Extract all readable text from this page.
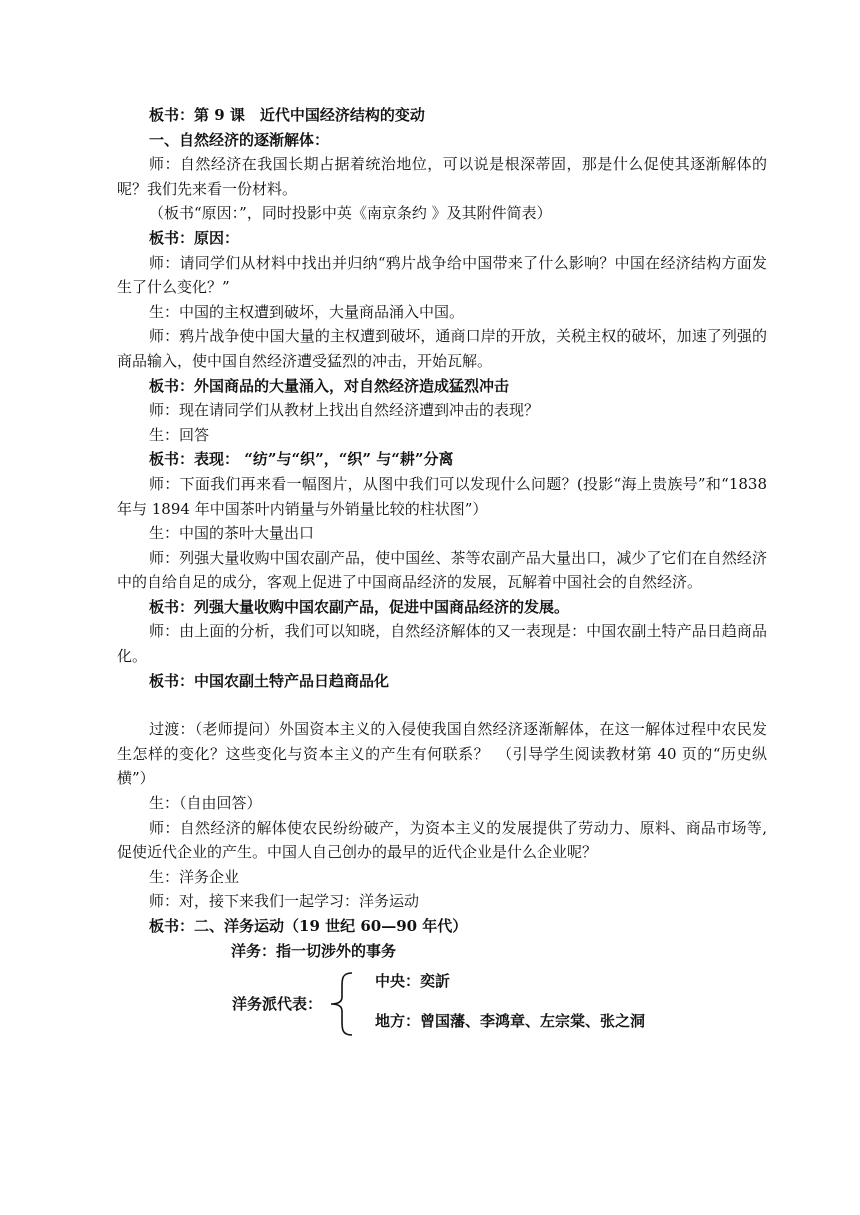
板书：第 9 课　近代中国经济结构的变动

一、自然经济的逐渐解体：

师：自然经济在我国长期占据着统治地位，可以说是根深蒂固，那是什么促使其逐渐解体的呢？我们先来看一份材料。

（板书“原因：”，同时投影中英《南京条约 》及其附件简表）

板书：原因：

师：请同学们从材料中找出并归纳“鸦片战争给中国带来了什么影响？中国在经济结构方面发生了什么变化？”

生：中国的主权遭到破坏，大量商品涌入中国。

师：鸦片战争使中国大量的主权遭到破坏，通商口岸的开放，关税主权的破坏，加速了列强的商品输入，使中国自然经济遭受猛烈的冲击，开始瓦解。

板书：外国商品的大量涌入，对自然经济造成猛烈冲击

师：现在请同学们从教材上找出自然经济遭到冲击的表现？

生：回答

板书：表现： “纺”与“织”，“织” 与“耕”分离

师：下面我们再来看一幅图片，从图中我们可以发现什么问题？(投影“海上贵族号”和“1838 年与 1894 年中国茶叶内销量与外销量比较的柱状图”）

生：中国的茶叶大量出口

师：列强大量收购中国农副产品，使中国丝、茶等农副产品大量出口，减少了它们在自然经济中的自给自足的成分，客观上促进了中国商品经济的发展，瓦解着中国社会的自然经济。

板书：列强大量收购中国农副产品，促进中国商品经济的发展。

师：由上面的分析，我们可以知晓，自然经济解体的又一表现是：中国农副土特产品日趋商品化。

板书：中国农副土特产品日趋商品化

过渡：（老师提问）外国资本主义的入侵使我国自然经济逐渐解体，在这一解体过程中农民发生怎样的变化？这些变化与资本主义的产生有何联系？　（引导学生阅读教材第 40 页的“历史纵横”）

生：（自由回答）

师：自然经济的解体使农民纷纷破产，为资本主义的发展提供了劳动力、原料、商品市场等,促使近代企业的产生。中国人自己创办的最早的近代企业是什么企业呢？

生：洋务企业

师：对，接下来我们一起学习：洋务运动

板书：二、洋务运动（19 世纪 60—90 年代）

洋务：指一切涉外的事务

洋务派代表：
中央：奕訢
地方：曾国藩、李鸿章、左宗棠、张之洞
